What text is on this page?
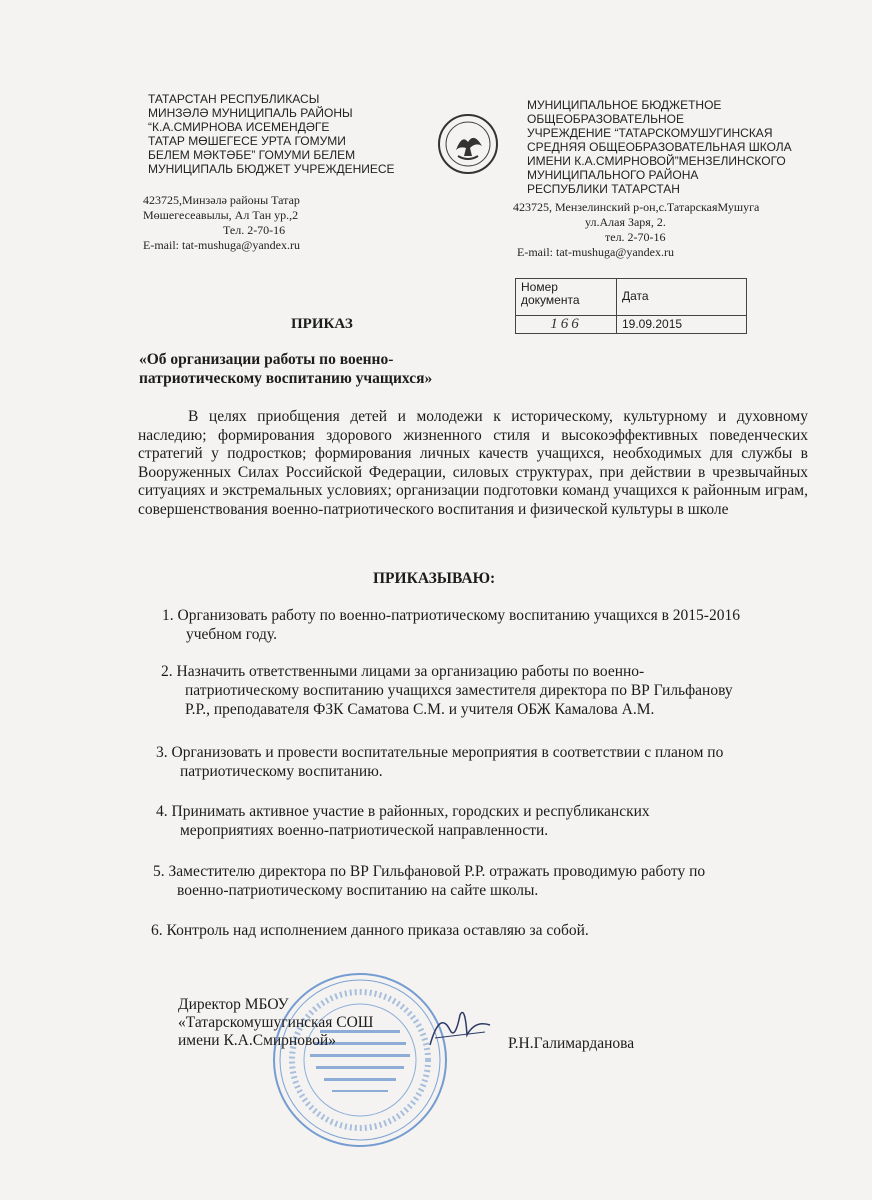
ТАТАРСТАН РЕСПУБЛИКАСЫ
МИНЗӘЛӘ МУНИЦИПАЛЬ РАЙОНЫ
“К.А.СМИРНОВА ИСЕМЕНДӘГЕ
ТАТАР МӨШЕГЕСЕ УРТА ГОМУМИ
БЕЛЕМ МӘКТӘБЕ” ГОМУМИ БЕЛЕМ
МУНИЦИПАЛЬ БЮДЖЕТ УЧРЕЖДЕНИЕСЕ
423725,Минзәлә районы Татар
Мөшегесеавылы, Ал Тан ур.,2
Тел. 2-70-16
E-mail: tat-mushuga@yandex.ru
МУНИЦИПАЛЬНОЕ БЮДЖЕТНОЕ
ОБЩЕОБРАЗОВАТЕЛЬНОЕ
УЧРЕЖДЕНИЕ “ТАТАРСКОМУШУГИНСКАЯ
СРЕДНЯЯ ОБЩЕОБРАЗОВАТЕЛЬНАЯ ШКОЛА
ИМЕНИ К.А.СМИРНОВОЙ”МЕНЗЕЛИНСКОГО
МУНИЦИПАЛЬНОГО РАЙОНА
РЕСПУБЛИКИ ТАТАРСТАН
423725, Мензелинский р-он,с.ТатарскаяМушуга
ул.Алая Заря, 2.
тел. 2-70-16
E-mail: tat-mushuga@yandex.ru
Номер документа	Дата
166	19.09.2015
ПРИКАЗ
«Об организации работы по военно-
патриотическому воспитанию учащихся»
В целях приобщения детей и молодежи к историческому, культурному и духовному наследию; формирования здорового жизненного стиля и высокоэффективных поведенческих стратегий у подростков; формирования личных качеств учащихся, необходимых для службы в Вооруженных Силах Российской Федерации, силовых структурах, при действии в чрезвычайных ситуациях и экстремальных условиях; организации подготовки команд учащихся к районным играм, совершенствования военно-патриотического воспитания и физической культуры в школе
ПРИКАЗЫВАЮ:
1. Организовать работу по военно-патриотическому воспитанию учащихся в 2015-2016
учебном году.
2. Назначить ответственными лицами за организацию работы по военно-
патриотическому воспитанию учащихся заместителя директора по ВР Гильфанову
Р.Р., преподавателя ФЗК Саматова С.М. и учителя ОБЖ Камалова А.М.
3. Организовать и провести воспитательные мероприятия в соответствии с планом по
патриотическому воспитанию.
4. Принимать активное участие в районных, городских и республиканских
мероприятиях военно-патриотической направленности.
5. Заместителю директора по ВР Гильфановой Р.Р. отражать проводимую работу по
военно-патриотическому воспитанию на сайте школы.
6. Контроль над исполнением данного приказа оставляю за собой.
Директор МБОУ
«Татарскомушугинская СОШ
имени К.А.Смирновой»	Р.Н.Галимарданова
